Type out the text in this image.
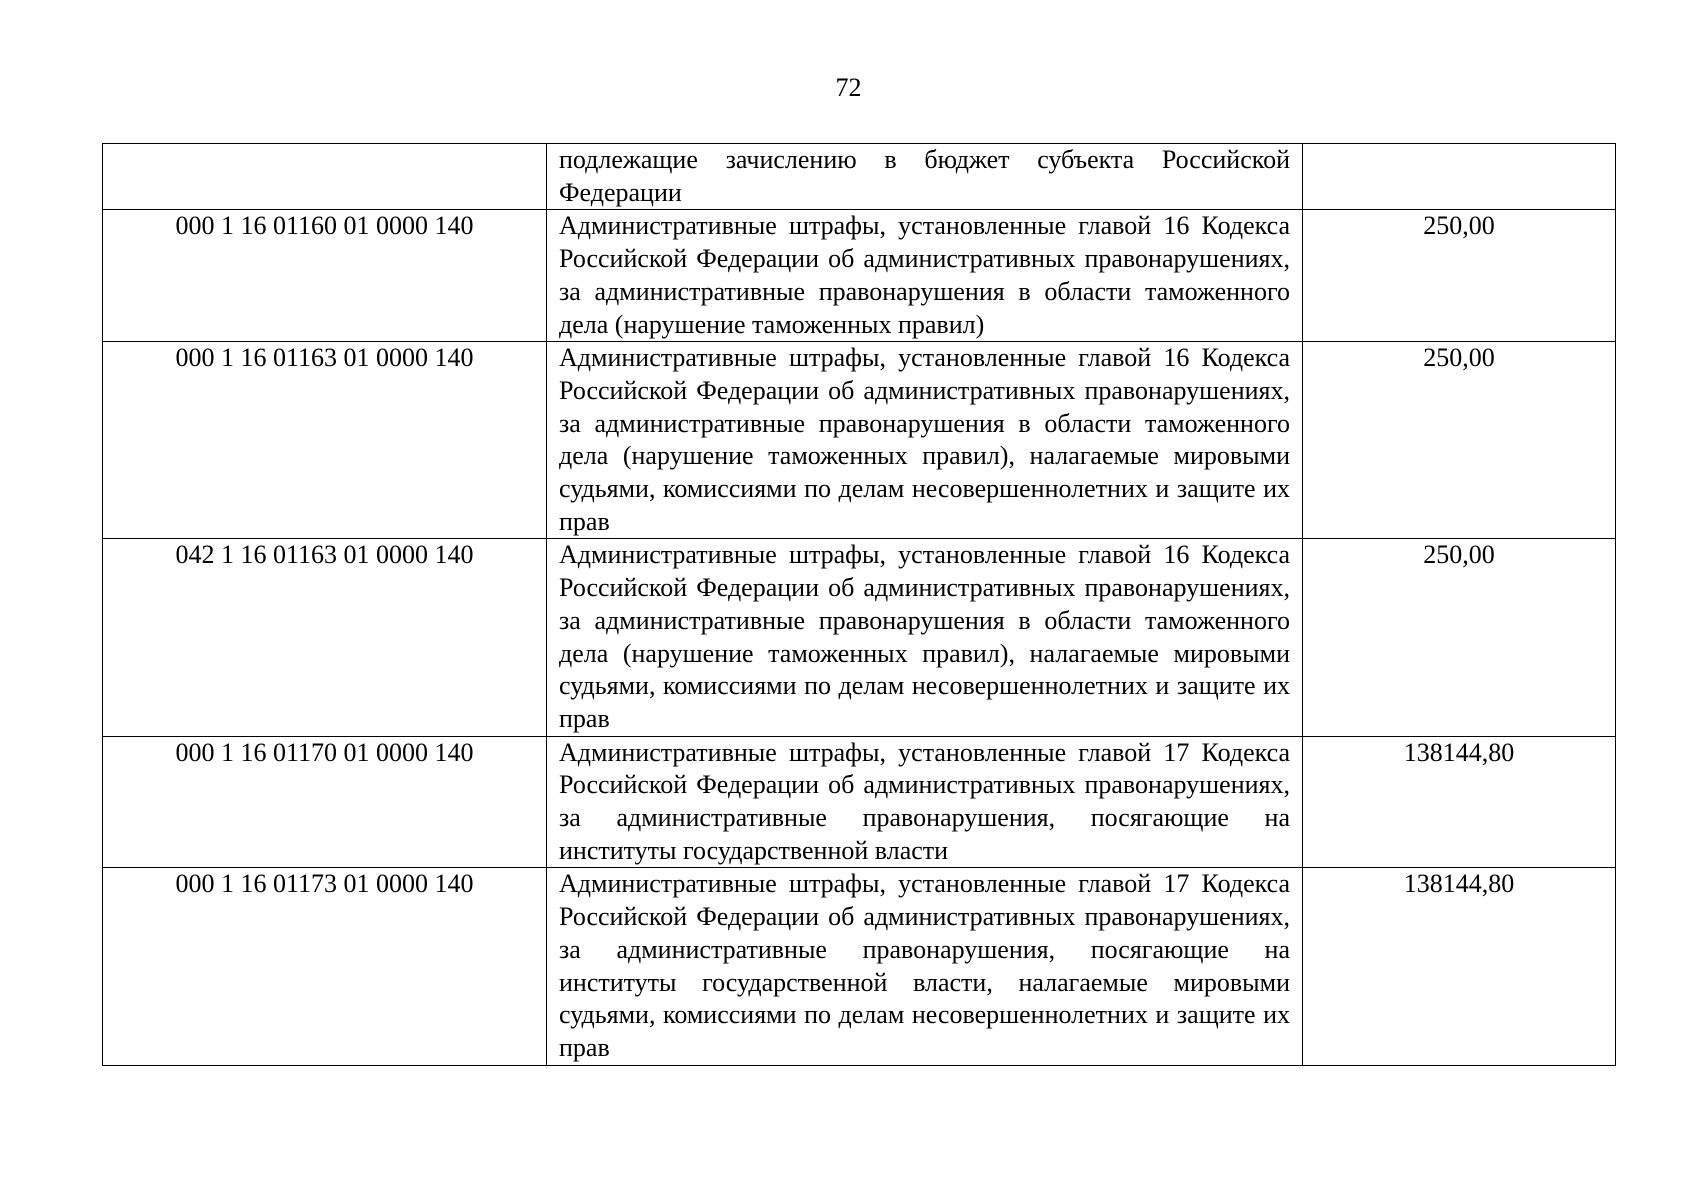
72
	подлежащие зачислению в бюджет субъекта Российской Федерации	
000 1 16 01160 01 0000 140	Административные штрафы, установленные главой 16 Кодекса Российской Федерации об административных правонарушениях, за административные правонарушения в области таможенного дела (нарушение таможенных правил)	250,00
000 1 16 01163 01 0000 140	Административные штрафы, установленные главой 16 Кодекса Российской Федерации об административных правонарушениях, за административные правонарушения в области таможенного дела (нарушение таможенных правил), налагаемые мировыми судьями, комиссиями по делам несовершеннолетних и защите их прав	250,00
042 1 16 01163 01 0000 140	Административные штрафы, установленные главой 16 Кодекса Российской Федерации об административных правонарушениях, за административные правонарушения в области таможенного дела (нарушение таможенных правил), налагаемые мировыми судьями, комиссиями по делам несовершеннолетних и защите их прав	250,00
000 1 16 01170 01 0000 140	Административные штрафы, установленные главой 17 Кодекса Российской Федерации об административных правонарушениях, за административные правонарушения, посягающие на институты государственной власти	138144,80
000 1 16 01173 01 0000 140	Административные штрафы, установленные главой 17 Кодекса Российской Федерации об административных правонарушениях, за административные правонарушения, посягающие на институты государственной власти, налагаемые мировыми судьями, комиссиями по делам несовершеннолетних и защите их прав	138144,80
